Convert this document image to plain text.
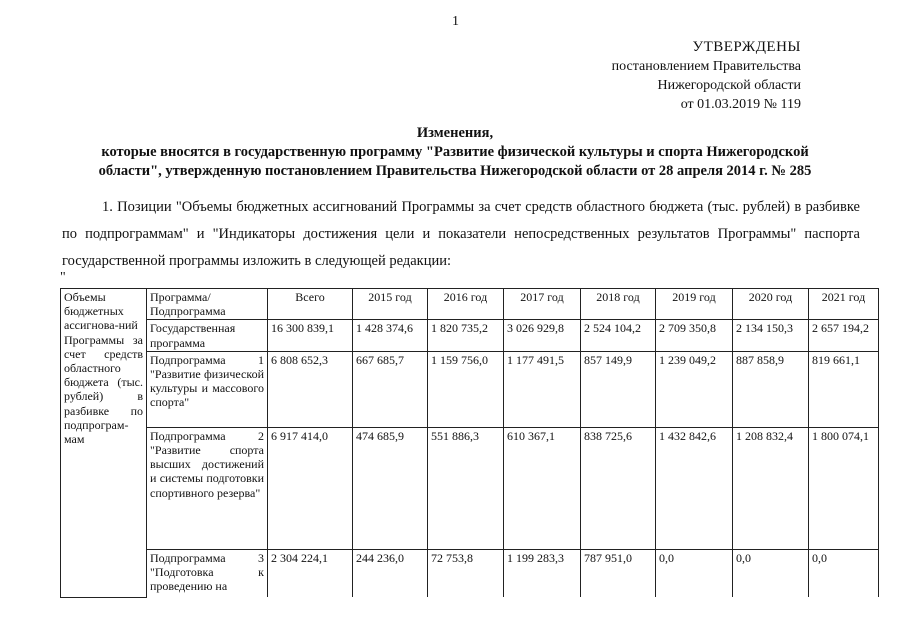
1
УТВЕРЖДЕНЫ
постановлением Правительства
Нижегородской области
от 01.03.2019 № 119
Изменения,
которые вносятся в государственную программу "Развитие физической культуры и спорта Нижегородской
области", утвержденную постановлением Правительства Нижегородской области от 28 апреля 2014 г. № 285
1. Позиции "Объемы бюджетных ассигнований Программы за счет средств областного бюджета (тыс. рублей) в разбивке по подпрограммам" и "Индикаторы достижения цели и показатели непосредственных результатов Программы" паспорта государственной программы изложить в следующей редакции:
"
Объемы бюджетных ассигнова-ний Программы за счет средств областного бюджета (тыс. рублей) в разбивке по подпрограм-мам	Программа/ Подпрограмма	Всего	2015 год	2016 год	2017 год	2018 год	2019 год	2020 год	2021 год
	Государственная программа	16 300 839,1	1 428 374,6	1 820 735,2	3 026 929,8	2 524 104,2	2 709 350,8	2 134 150,3	2 657 194,2
	Подпрограмма 1 "Развитие физической культуры и массового спорта"	6 808 652,3	667 685,7	1 159 756,0	1 177 491,5	857 149,9	1 239 049,2	887 858,9	819 661,1
	Подпрограмма 2 "Развитие спорта высших достижений и системы подготовки спортивного резерва"	6 917 414,0	474 685,9	551 886,3	610 367,1	838 725,6	1 432 842,6	1 208 832,4	1 800 074,1
	Подпрограмма 3 "Подготовка к проведению на	2 304 224,1	244 236,0	72 753,8	1 199 283,3	787 951,0	0,0	0,0	0,0
